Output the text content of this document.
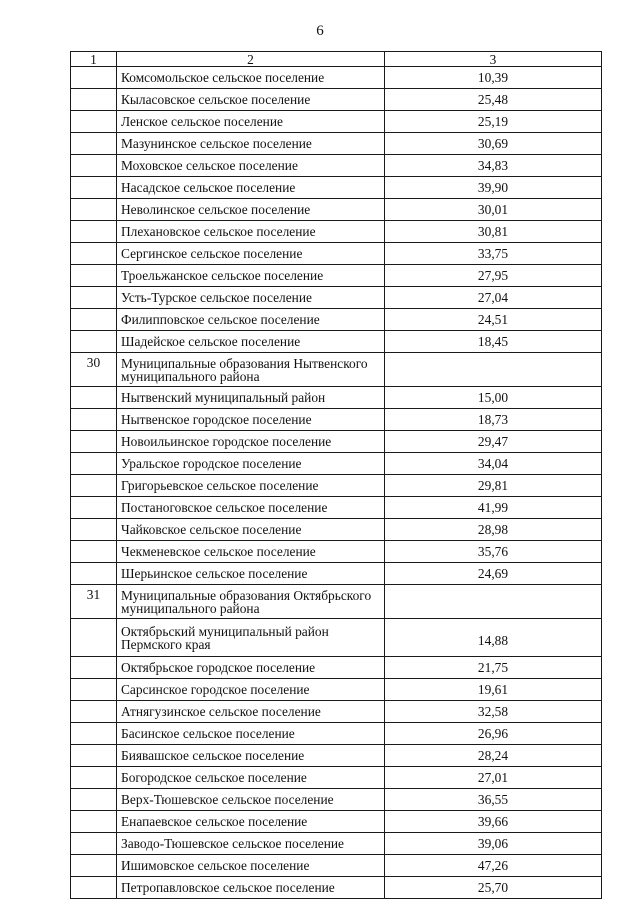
6
1	2	3
	Комсомольское сельское поселение	10,39
	Кыласовское сельское поселение	25,48
	Ленское сельское поселение	25,19
	Мазунинское сельское поселение	30,69
	Моховское сельское поселение	34,83
	Насадское сельское поселение	39,90
	Неволинское сельское поселение	30,01
	Плехановское сельское поселение	30,81
	Сергинское сельское поселение	33,75
	Троельжанское сельское поселение	27,95
	Усть-Турское сельское поселение	27,04
	Филипповское сельское поселение	24,51
	Шадейское сельское поселение	18,45
30	Муниципальные образования Нытвенского муниципального района	
	Нытвенский муниципальный район	15,00
	Нытвенское городское поселение	18,73
	Новоильинское городское поселение	29,47
	Уральское городское поселение	34,04
	Григорьевское сельское поселение	29,81
	Постаноговское сельское поселение	41,99
	Чайковское сельское поселение	28,98
	Чекменевское сельское поселение	35,76
	Шерьинское сельское поселение	24,69
31	Муниципальные образования Октябрьского муниципального района	
	Октябрьский муниципальный район Пермского края	14,88
	Октябрьское городское поселение	21,75
	Сарсинское городское поселение	19,61
	Атнягузинское сельское поселение	32,58
	Басинское сельское поселение	26,96
	Биявашское сельское поселение	28,24
	Богородское сельское поселение	27,01
	Верх-Тюшевское сельское поселение	36,55
	Енапаевское сельское поселение	39,66
	Заводо-Тюшевское сельское поселение	39,06
	Ишимовское сельское поселение	47,26
	Петропавловское сельское поселение	25,70
